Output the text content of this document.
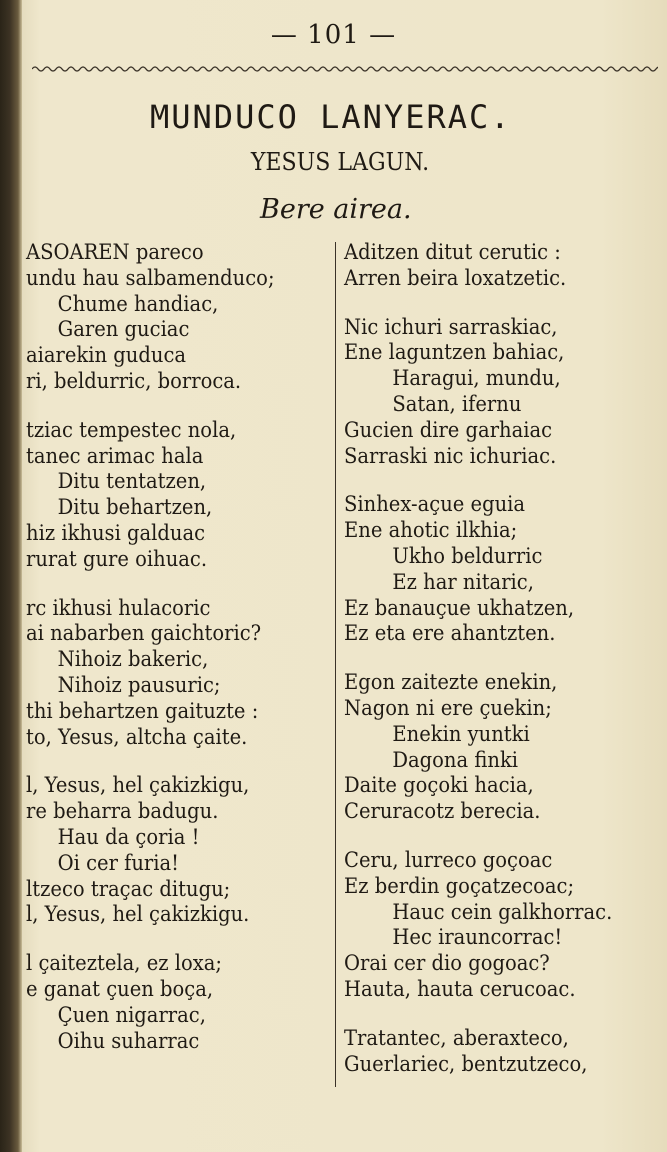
— 101 —
MUNDUCO LANYERAC.
YESUS LAGUN.
Bere airea.
ASOAREN pareco
undu hau salbamenduco;
Chume handiac,
Garen guciac
aiarekin guduca
ri, beldurric, borroca.
tziac tempestec nola,
tanec arimac hala
Ditu tentatzen,
Ditu behartzen,
hiz ikhusi galduac
rurat gure oihuac.
rc ikhusi hulacoric
ai nabarben gaichtoric?
Nihoiz bakeric,
Nihoiz pausuric;
thi behartzen gaituzte :
to, Yesus, altcha çaite.
l, Yesus, hel çakizkigu,
re beharra badugu.
Hau da çoria !
Oi cer furia!
ltzeco traçac ditugu;
l, Yesus, hel çakizkigu.
l çaiteztela, ez loxa;
e ganat çuen boça,
Çuen nigarrac,
Oihu suharrac
Aditzen ditut cerutic :
Arren beira loxatzetic.
Nic ichuri sarraskiac,
Ene laguntzen bahiac,
Haragui, mundu,
Satan, ifernu
Gucien dire garhaiac
Sarraski nic ichuriac.
Sinhex-açue eguia
Ene ahotic ilkhia;
Ukho beldurric
Ez har nitaric,
Ez banauçue ukhatzen,
Ez eta ere ahantzten.
Egon zaitezte enekin,
Nagon ni ere çuekin;
Enekin yuntki
Dagona finki
Daite goçoki hacia,
Ceruracotz berecia.
Ceru, lurreco goçoac
Ez berdin goçatzecoac;
Hauc cein galkhorrac.
Hec irauncorrac!
Orai cer dio gogoac?
Hauta, hauta cerucoac.
Tratantec, aberaxteco,
Guerlariec, bentzutzeco,
